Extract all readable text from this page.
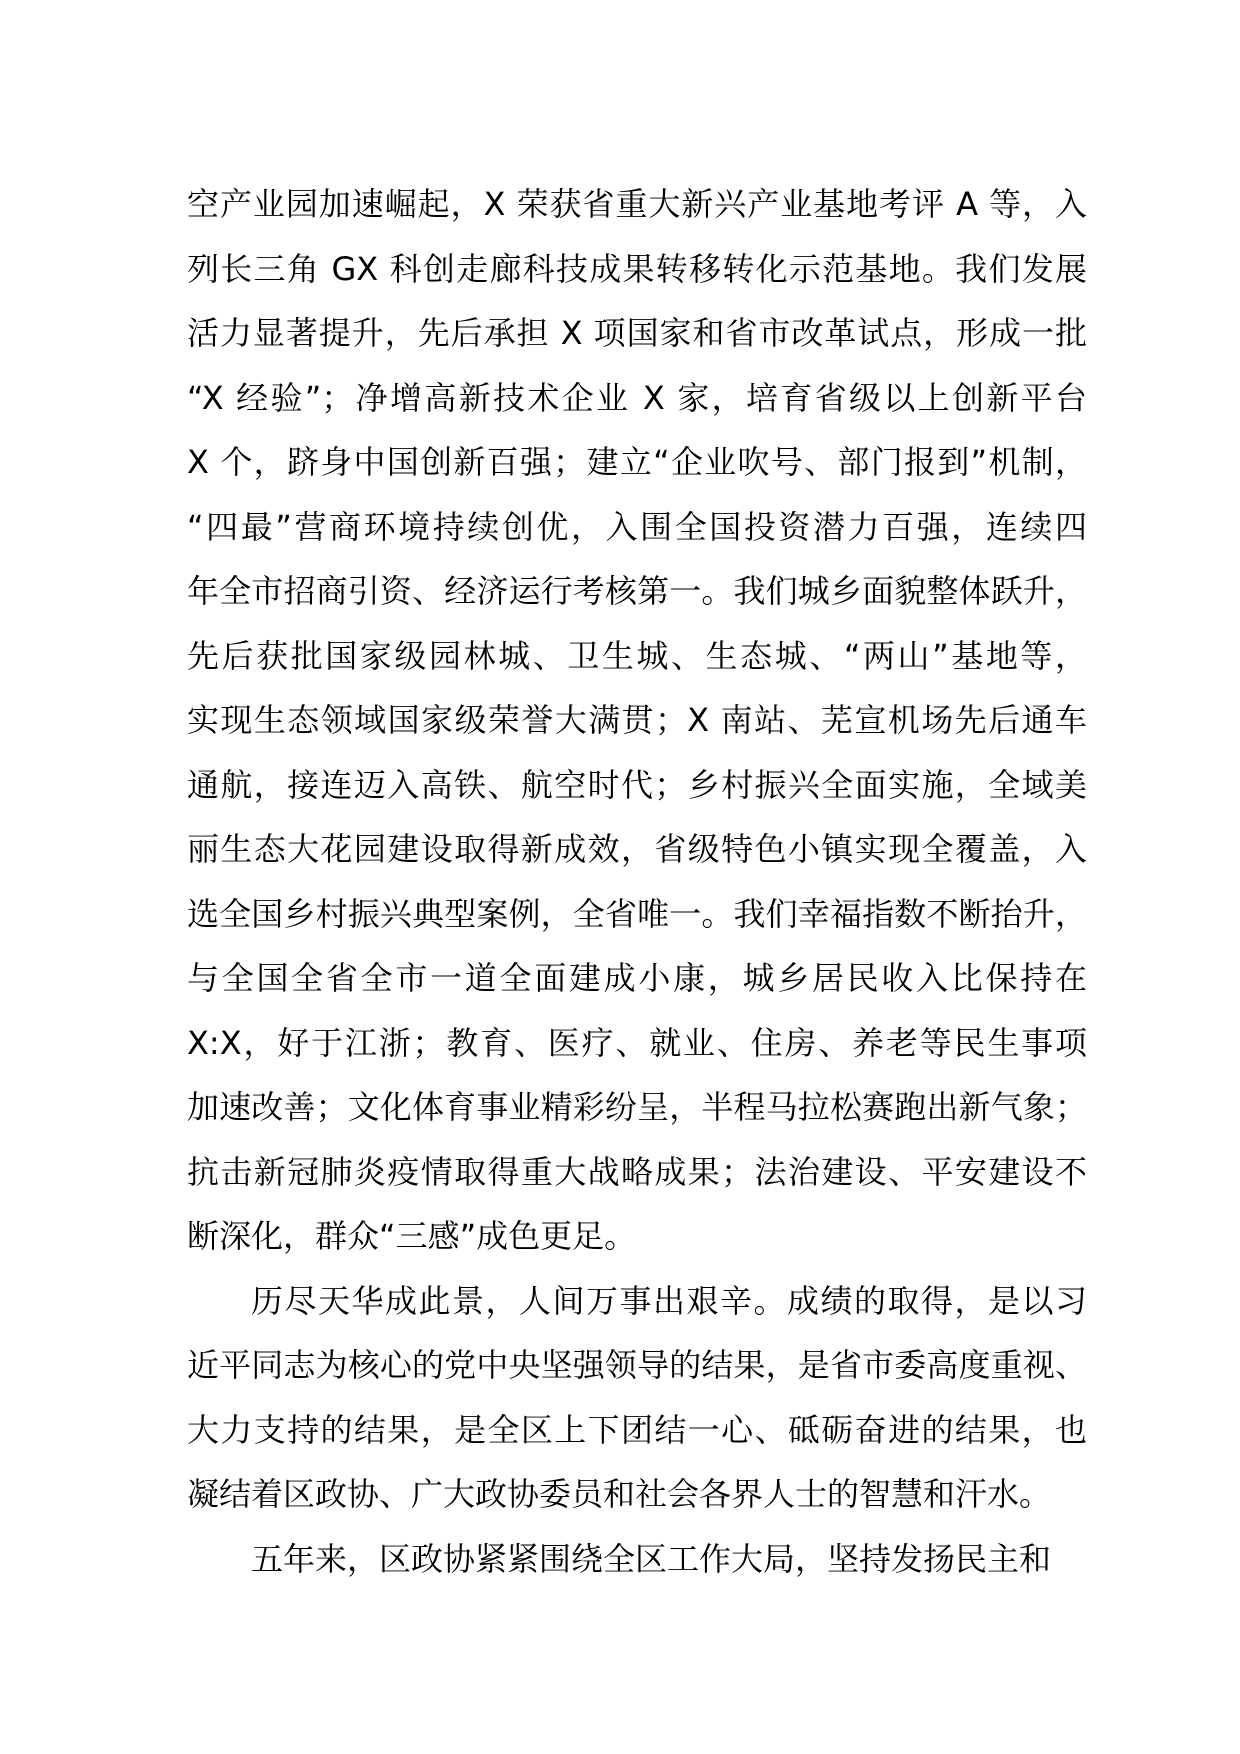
空产业园加速崛起，X 荣获省重大新兴产业基地考评 A 等，入
列长三角 GX 科创走廊科技成果转移转化示范基地。我们发展
活力显著提升，先后承担 X 项国家和省市改革试点，形成一批
“X 经验”；净增高新技术企业 X 家，培育省级以上创新平台
X 个，跻身中国创新百强；建立“企业吹号、部门报到”机制，
“四最”营商环境持续创优，入围全国投资潜力百强，连续四
年全市招商引资、经济运行考核第一。我们城乡面貌整体跃升，
先后获批国家级园林城、卫生城、生态城、“两山”基地等，
实现生态领域国家级荣誉大满贯；X 南站、芜宣机场先后通车
通航，接连迈入高铁、航空时代；乡村振兴全面实施，全域美
丽生态大花园建设取得新成效，省级特色小镇实现全覆盖，入
选全国乡村振兴典型案例，全省唯一。我们幸福指数不断抬升，
与全国全省全市一道全面建成小康，城乡居民收入比保持在
X:X，好于江浙；教育、医疗、就业、住房、养老等民生事项
加速改善；文化体育事业精彩纷呈，半程马拉松赛跑出新气象；
抗击新冠肺炎疫情取得重大战略成果；法治建设、平安建设不
断深化，群众“三感”成色更足。
历尽天华成此景，人间万事出艰辛。成绩的取得，是以习
近平同志为核心的党中央坚强领导的结果，是省市委高度重视、
大力支持的结果，是全区上下团结一心、砥砺奋进的结果，也
凝结着区政协、广大政协委员和社会各界人士的智慧和汗水。
五年来，区政协紧紧围绕全区工作大局，坚持发扬民主和
